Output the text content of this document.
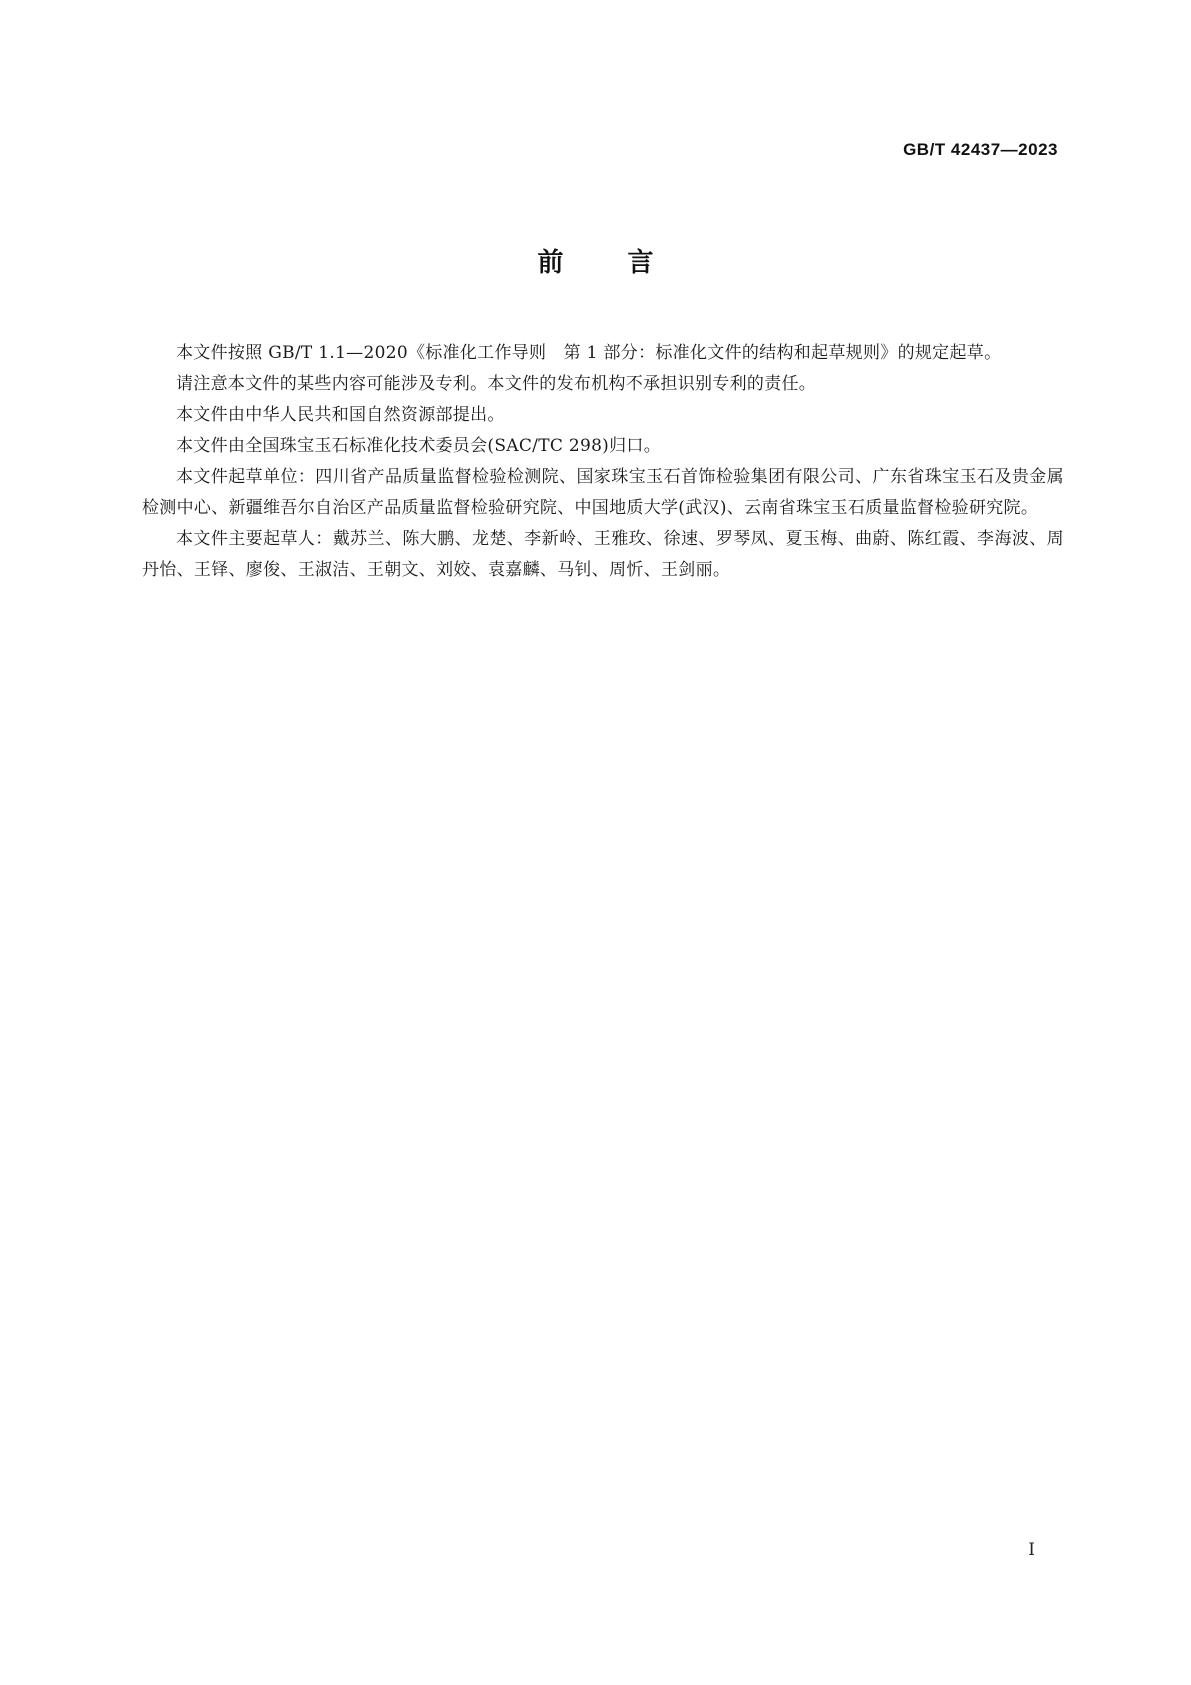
GB/T 42437—2023
前言

本文件按照 GB/T 1.1—2020《标准化工作导则　第 1 部分：标准化文件的结构和起草规则》的规定起草。

请注意本文件的某些内容可能涉及专利。本文件的发布机构不承担识别专利的责任。

本文件由中华人民共和国自然资源部提出。

本文件由全国珠宝玉石标准化技术委员会(SAC/TC 298)归口。

本文件起草单位：四川省产品质量监督检验检测院、国家珠宝玉石首饰检验集团有限公司、广东省珠宝玉石及贵金属检测中心、新疆维吾尔自治区产品质量监督检验研究院、中国地质大学(武汉)、云南省珠宝玉石质量监督检验研究院。

本文件主要起草人：戴苏兰、陈大鹏、龙楚、李新岭、王雅玫、徐速、罗琴凤、夏玉梅、曲蔚、陈红霞、李海波、周丹怡、王铎、廖俊、王淑洁、王朝文、刘姣、袁嘉麟、马钊、周忻、王剑丽。

I
